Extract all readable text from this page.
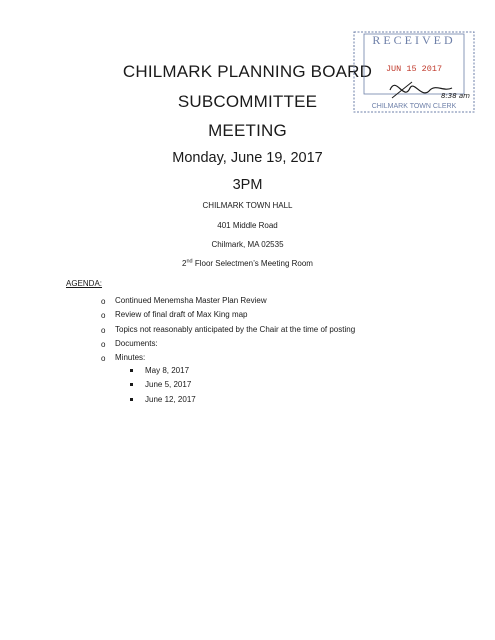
CHILMARK PLANNING BOARD
SUBCOMMITTEE
MEETING
Monday, June 19, 2017
3PM
CHILMARK TOWN HALL
401 Middle Road
Chilmark, MA 02535
2nd Floor Selectmen’s Meeting Room
AGENDA:
o Continued Menemsha Master Plan Review
o Review of final draft of Max King map
o Topics not reasonably anticipated by the Chair at the time of posting
o Documents:
o Minutes:
May 8, 2017
June 5, 2017
June 12, 2017
RECEIVED
JUN 15 2017
CHILMARK TOWN CLERK
8:38 am
